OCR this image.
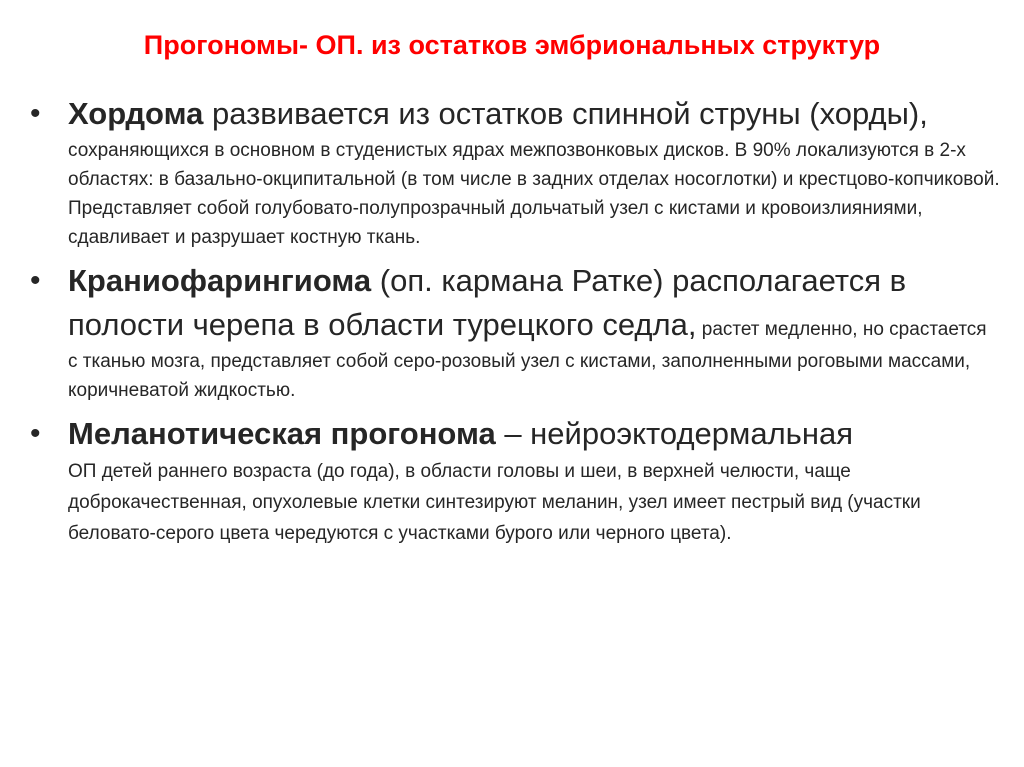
Прогономы- ОП. из остатков эмбриональных структур
• Хордома развивается из остатков спинной струны (хорды), сохраняющихся в основном в студенистых ядрах межпозвонковых дисков. В 90% локализуются в 2-х областях: в базально-окципитальной (в том числе в задних отделах носоглотки) и крестцово-копчиковой. Представляет собой голубовато-полупрозрачный дольчатый узел с кистами и кровоизлияниями, сдавливает и разрушает костную ткань.
• Краниофарингиома (оп. кармана Ратке) располагается в полости черепа в области турецкого седла, растет медленно, но срастается с тканью мозга, представляет собой серо-розовый узел с кистами, заполненными роговыми массами, коричневатой жидкостью.
• Меланотическая прогонома – нейроэктодермальная
ОП детей раннего возраста (до года), в области головы и шеи, в верхней челюсти, чаще доброкачественная, опухолевые клетки синтезируют меланин, узел имеет пестрый вид (участки беловато-серого цвета чередуются с участками бурого или черного цвета).
